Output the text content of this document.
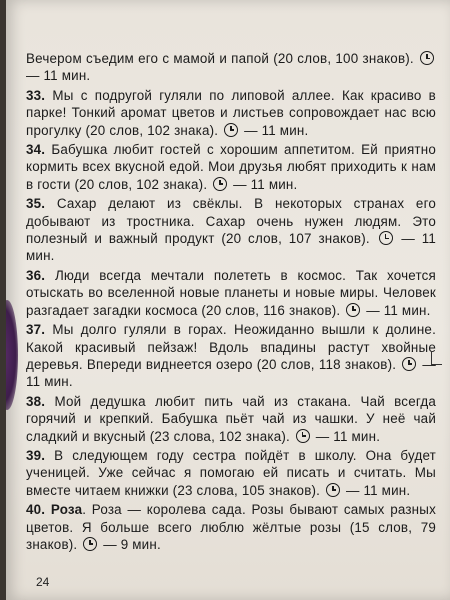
Вечером съедим его с мамой и папой (20 слов, 100 знаков).  — 11 мин.

33. Мы с подругой гуляли по липовой аллее. Как красиво в парке! Тонкий аромат цветов и листьев сопровождает нас всю прогулку (20 слов, 102 знака). — 11 мин.

34. Бабушка любит гостей с хорошим аппетитом. Ей приятно кормить всех вкусной едой. Мои друзья любят приходить к нам в гости (20 слов, 102 знака). — 11 мин.

35. Сахар делают из свёклы. В некоторых странах его добывают из тростника. Сахар очень нужен людям. Это полезный и важный продукт (20 слов, 107 знаков). — 11 мин.

36. Люди всегда мечтали полететь в космос. Так хочется отыскать во вселенной новые планеты и новые миры. Человек разгадает загадки космоса (20 слов, 116 знаков). — 11 мин.

37. Мы долго гуляли в горах. Неожиданно вышли к долине. Какой красивый пейзаж! Вдоль впадины растут хвойные деревья. Впереди виднеется озеро (20 слов, 118 знаков). — 11 мин.

38. Мой дедушка любит пить чай из стакана. Чай всегда горячий и крепкий. Бабушка пьёт чай из чашки. У неё чай сладкий и вкусный (23 слова, 102 знака). — 11 мин.

39. В следующем году сестра пойдёт в школу. Она будет ученицей. Уже сейчас я помогаю ей писать и считать. Мы вместе читаем книжки (23 слова, 105 знаков). — 11 мин.

40. Роза. Роза — королева сада. Розы бывают самых разных цветов. Я больше всего люблю жёлтые розы (15 слов, 79 знаков). — 9 мин.

24
